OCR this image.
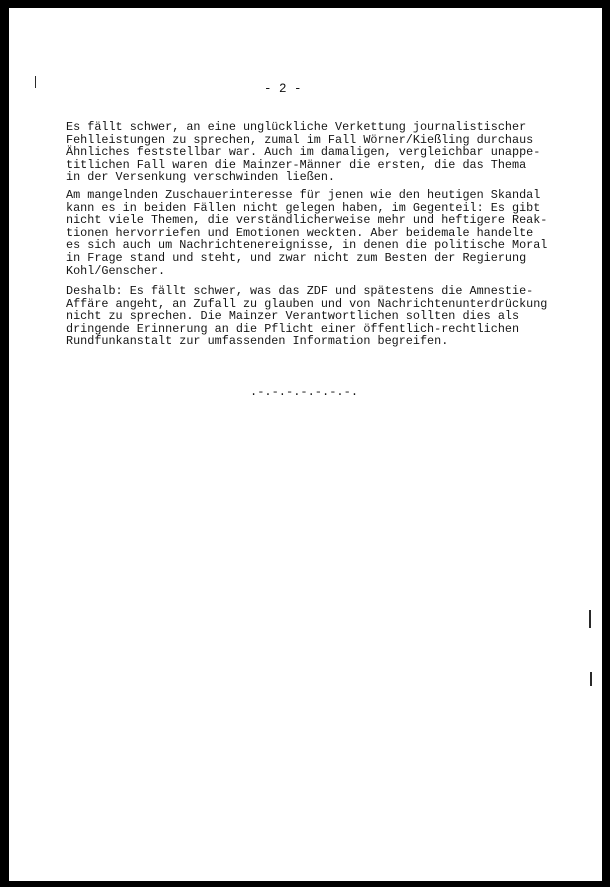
- 2 -

Es fällt schwer, an eine unglückliche Verkettung journalistischer
Fehlleistungen zu sprechen, zumal im Fall Wörner/Kießling durchaus
Ähnliches feststellbar war. Auch im damaligen, vergleichbar unappe-
titlichen Fall waren die Mainzer-Männer die ersten, die das Thema
in der Versenkung verschwinden ließen.

Am mangelnden Zuschauerinteresse für jenen wie den heutigen Skandal
kann es in beiden Fällen nicht gelegen haben, im Gegenteil: Es gibt
nicht viele Themen, die verständlicherweise mehr und heftigere Reak-
tionen hervorriefen und Emotionen weckten. Aber beidemale handelte
es sich auch um Nachrichtenereignisse, in denen die politische Moral
in Frage stand und steht, und zwar nicht zum Besten der Regierung
Kohl/Genscher.

Deshalb: Es fällt schwer, was das ZDF und spätestens die Amnestie-
Affäre angeht, an Zufall zu glauben und von Nachrichtenunterdrückung
nicht zu sprechen. Die Mainzer Verantwortlichen sollten dies als
dringende Erinnerung an die Pflicht einer öffentlich-rechtlichen
Rundfunkanstalt zur umfassenden Information begreifen.

.-.-.-.-.-.-.-.
